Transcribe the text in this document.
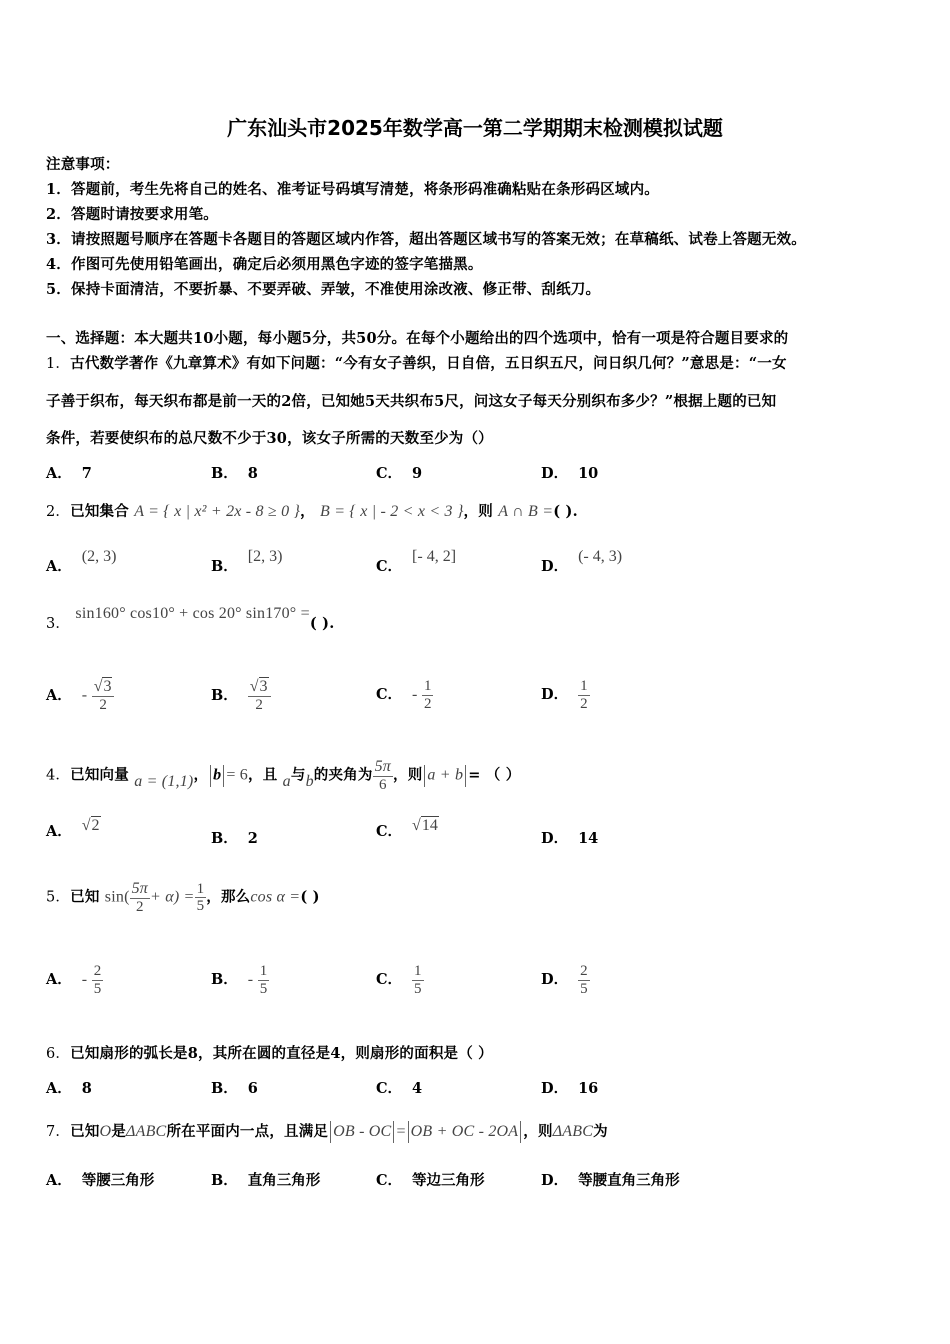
广东汕头市2025年数学高一第二学期期末检测模拟试题
注意事项：
1．答题前，考生先将自己的姓名、准考证号码填写清楚，将条形码准确粘贴在条形码区域内。
2．答题时请按要求用笔。
3．请按照题号顺序在答题卡各题目的答题区域内作答，超出答题区域书写的答案无效；在草稿纸、试卷上答题无效。
4．作图可先使用铅笔画出，确定后必须用黑色字迹的签字笔描黑。
5．保持卡面清洁，不要折暴、不要弄破、弄皱，不准使用涂改液、修正带、刮纸刀。
一、选择题：本大题共10小题，每小题5分，共50分。在每个小题给出的四个选项中，恰有一项是符合题目要求的
1．古代数学著作《九章算术》有如下问题：“今有女子善织，日自倍，五日织五尺，问日织几何？”意思是：“一女
子善于织布，每天织布都是前一天的2倍，已知她5天共织布5尺，问这女子每天分别织布多少？”根据上题的已知
条件，若要使织布的总尺数不少于30，该女子所需的天数至少为（）
A． 7	B． 8	C． 9	D． 10
2．已知集合 A = { x | x² + 2x - 8 ≥ 0 }， B = { x | - 2 < x < 3 }，则 A ∩ B =( ).
A．(2, 3)
B．[2, 3)
C．[- 4, 2]
D．(- 4, 3)
3． sin160° cos10° + cos 20° sin170° =( ).
A． - $\frac{√3}{2}$	B． $\frac{√3}{2}$	C． - $\frac{1}{2}$	D． $\frac{1}{2}$
4．已知向量 a = (1,1)， b = 6，且 a与b的夹角为 $\frac{5\pi}{6}$ ，则 a + b = （ ）
A． √2
B． 2	C． √14
D． 14
5．已知 $\sin( \frac{5\pi}{2} + \alpha) = \frac{1}{5}$ ，那么cos α =( )
A． - $\frac{2}{5}$	B． - $\frac{1}{5}$	C． $\frac{1}{5}$	D． $\frac{2}{5}$
6．已知扇形的弧长是8，其所在圆的直径是4，则扇形的面积是（ ）
A． 8	B． 6	C． 4	D． 16
7．已知O是ΔABC所在平面内一点，且满足 OB - OC = OB + OC - 2OA ，则ΔABC为
A． 等腰三角形	B． 直角三角形	C． 等边三角形	D． 等腰直角三角形
